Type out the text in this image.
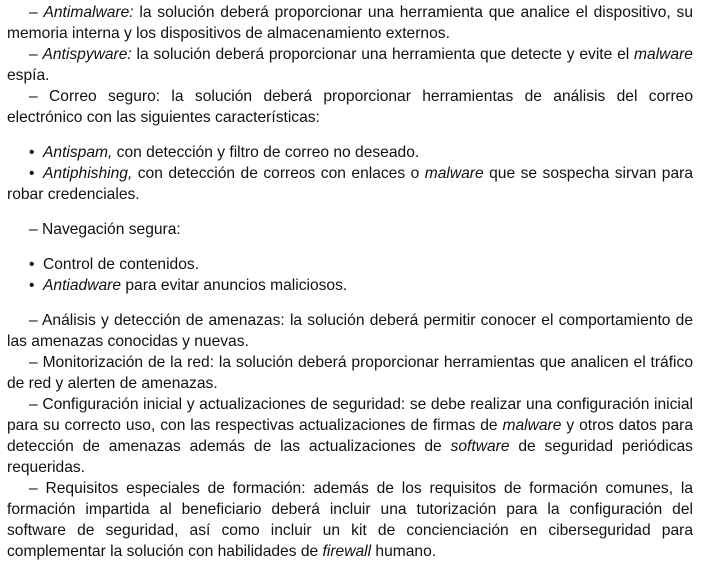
– Antimalware: la solución deberá proporcionar una herramienta que analice el dispositivo, su memoria interna y los dispositivos de almacenamiento externos.

– Antispyware: la solución deberá proporcionar una herramienta que detecte y evite el malware espía.

– Correo seguro: la solución deberá proporcionar herramientas de análisis del correo electrónico con las siguientes características:

• Antispam, con detección y filtro de correo no deseado.

• Antiphishing, con detección de correos con enlaces o malware que se sospecha sirvan para robar credenciales.

– Navegación segura:

• Control de contenidos.

• Antiadware para evitar anuncios maliciosos.

– Análisis y detección de amenazas: la solución deberá permitir conocer el comportamiento de las amenazas conocidas y nuevas.

– Monitorización de la red: la solución deberá proporcionar herramientas que analicen el tráfico de red y alerten de amenazas.

– Configuración inicial y actualizaciones de seguridad: se debe realizar una configuración inicial para su correcto uso, con las respectivas actualizaciones de firmas de malware y otros datos para detección de amenazas además de las actualizaciones de software de seguridad periódicas requeridas.

– Requisitos especiales de formación: además de los requisitos de formación comunes, la formación impartida al beneficiario deberá incluir una tutorización para la configuración del software de seguridad, así como incluir un kit de concienciación en ciberseguridad para complementar la solución con habilidades de firewall humano.
